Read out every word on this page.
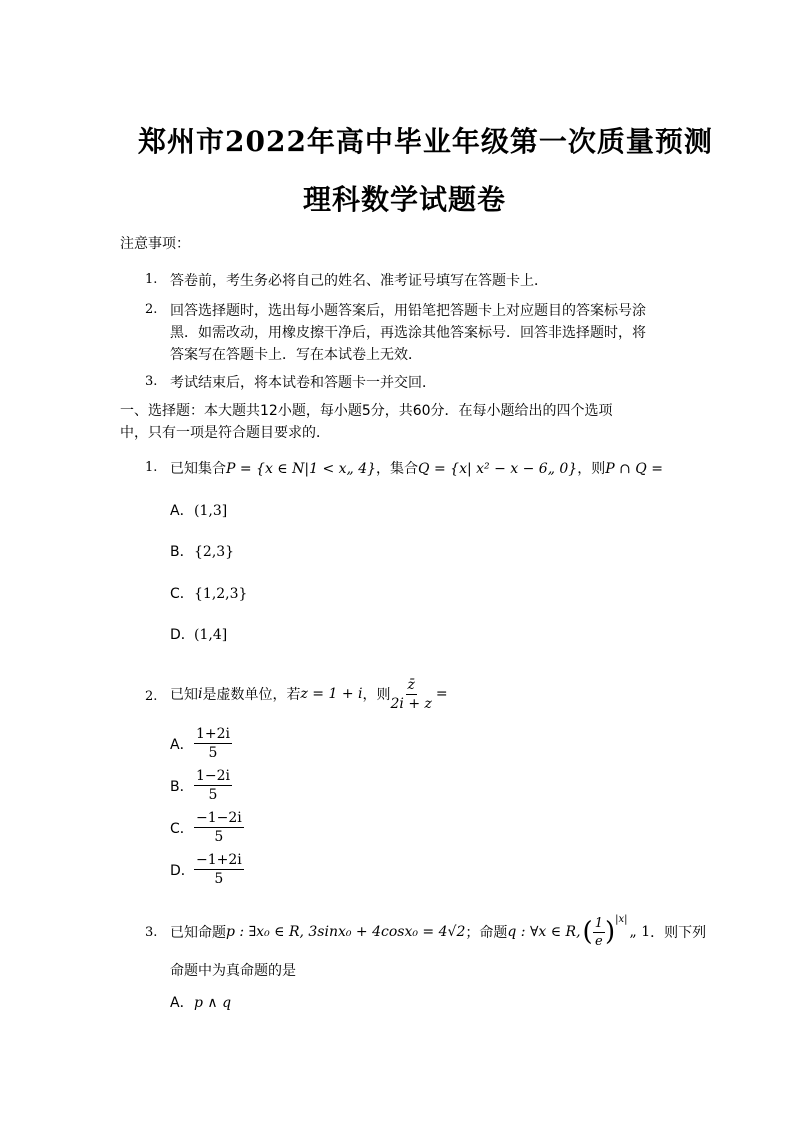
郑州市2022年高中毕业年级第一次质量预测
理科数学试题卷
注意事项：
1. 答卷前，考生务必将自己的姓名、准考证号填写在答题卡上．
2. 回答选择题时，选出每小题答案后，用铅笔把答题卡上对应题目的答案标号涂
黑．如需改动，用橡皮擦干净后，再选涂其他答案标号．回答非选择题时，将
答案写在答题卡上．写在本试卷上无效．
3. 考试结束后，将本试卷和答题卡一并交回．
一、选择题：本大题共12小题，每小题5分，共60分．在每小题给出的四个选项
中，只有一项是符合题目要求的．
1. 已知集合P = {x ∈ N|1 < x„ 4}，集合Q = {x| x² − x − 6„ 0}，则P ∩ Q =
A．(1,3]
B．{2,3}
C．{1,2,3}
D．(1,4]
2. 已知 i 是虚数单位，若 z = 1 + i ，则 $\frac{z̄}{2i + z}$ =
A． $\frac{1+2i}{5}$
B． $\frac{1-2i}{5}$
C． $\frac{-1-2i}{5}$
D． $\frac{-1+2i}{5}$
3. 已知命题 p : ∃x₀ ∈ R, 3sinx₀ + 4cosx₀ = 4√2 ；命题 q : ∀x ∈ R, ( $\frac{1}{e} )^{|x|}$
„ 1 ．则下列
命题中为真命题的是
A．p ∧ q
